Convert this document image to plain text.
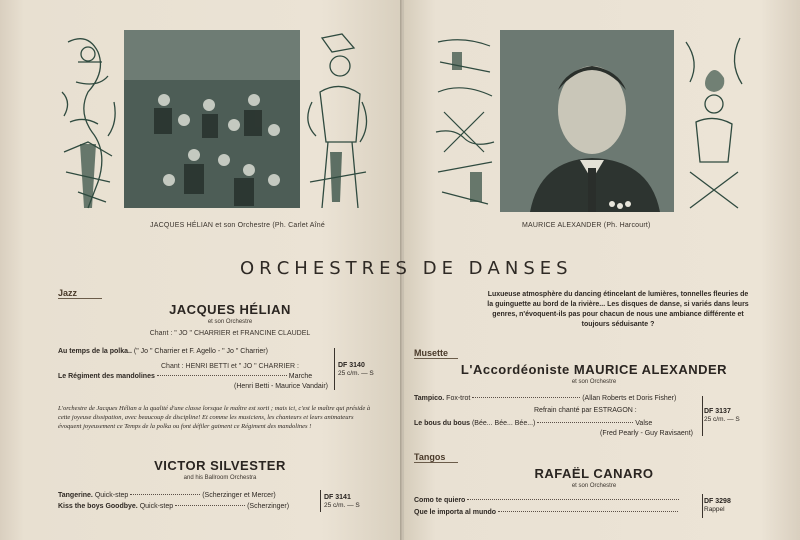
JACQUES HÉLIAN et son Orchestre (Ph. Carlet Aîné
Jazz
JACQUES HÉLIAN
et son Orchestre
Chant : " JO " CHARRIER et FRANCINE CLAUDEL
Au temps de la polka.. (" Jo " Charrier et F. Agello - " Jo " Charrier)
Chant : HENRI BETTI et " JO " CHARRIER :
Le Régiment des mandolines	Marche
(Henri Betti - Maurice Vandair)
DF 3140
25 c/m. — S
L'orchestre de Jacques Hélian a la qualité d'une classe lorsque le maître est sorti ; mais ici, c'est le maître qui préside à cette joyeuse dissipation, avec beaucoup de discipline! Et comme les musiciens, les chanteurs et leurs animateurs évoquent joyeusement ce Temps de la polka ou font défiler gaiment ce Régiment des mandolines !
VICTOR SILVESTER
and his Ballroom Orchestra
Tangerine. Quick-step	(Scherzinger et Mercer)
Kiss the boys Goodbye. Quick-step	(Scherzinger)
DF 3141
25 c/m. — S
MAURICE ALEXANDER (Ph. Harcourt)
Luxueuse atmosphère du dancing étincelant de lumières, tonnelles fleuries de la guinguette au bord de la rivière... Les disques de danse, si variés dans leurs genres, n'évoquent-ils pas pour chacun de nous une ambiance différente et toujours séduisante ?
Musette
L'Accordéoniste MAURICE ALEXANDER
et son Orchestre
Tampico. Fox-trot	(Allan Roberts et Doris Fisher)
Refrain chanté par ESTRAGON :
Le bous du bous (Bée... Bée... Bée...)	Valse
(Fred Pearly - Guy Ravisaent)
DF 3137
25 c/m. — S
Tangos
RAFAËL CANARO
et son Orchestre
Como te quiero
Que le importa al mundo
DF 3298
Rappel
ORCHESTRES DE DANSES
